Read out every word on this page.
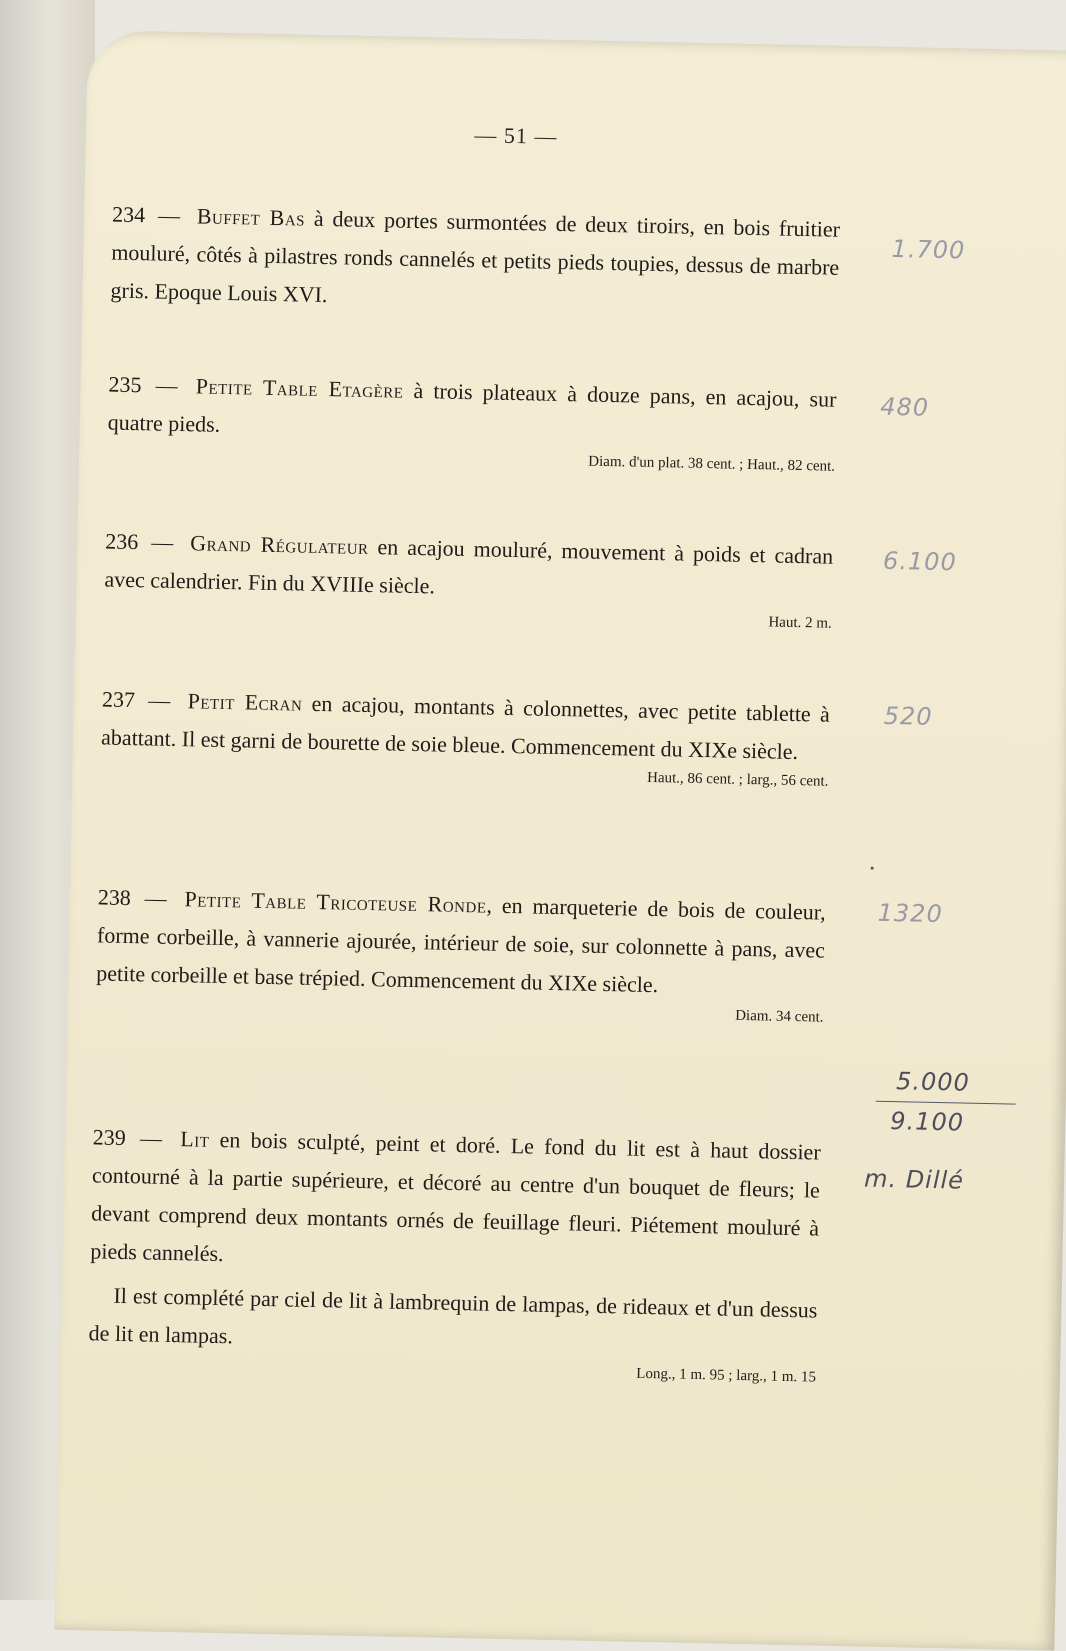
— 51 —
234 — Buffet Bas à deux portes surmontées de deux tiroirs, en bois fruitier mouluré, côtés à pilastres ronds cannelés et petits pieds toupies, dessus de marbre gris. Epoque Louis XVI.
235 — Petite Table Etagère à trois plateaux à douze pans, en acajou, sur quatre pieds.
Diam. d'un plat. 38 cent. ; Haut., 82 cent.
236 — Grand Régulateur en acajou mouluré, mouvement à poids et cadran avec calendrier. Fin du XVIIIe siècle.
Haut. 2 m.
237 — Petit Ecran en acajou, montants à colonnettes, avec petite tablette à abattant. Il est garni de bourette de soie bleue. Commencement du XIXe siècle.
Haut., 86 cent. ; larg., 56 cent.
238 — Petite Table Tricoteuse Ronde, en marqueterie de bois de couleur, forme corbeille, à vannerie ajourée, intérieur de soie, sur colonnette à pans, avec petite corbeille et base trépied. Commencement du XIXe siècle.
Diam. 34 cent.
239 — Lit en bois sculpté, peint et doré. Le fond du lit est à haut dossier contourné à la partie supérieure, et décoré au centre d'un bouquet de fleurs; le devant comprend deux montants ornés de feuillage fleuri. Piétement mouluré à pieds cannelés.
Il est complété par ciel de lit à lambrequin de lampas, de rideaux et d'un dessus de lit en lampas.
Long., 1 m. 95 ; larg., 1 m. 15
1.700
480
6.100
520
1320
5.000
9.100
m. Dillé
